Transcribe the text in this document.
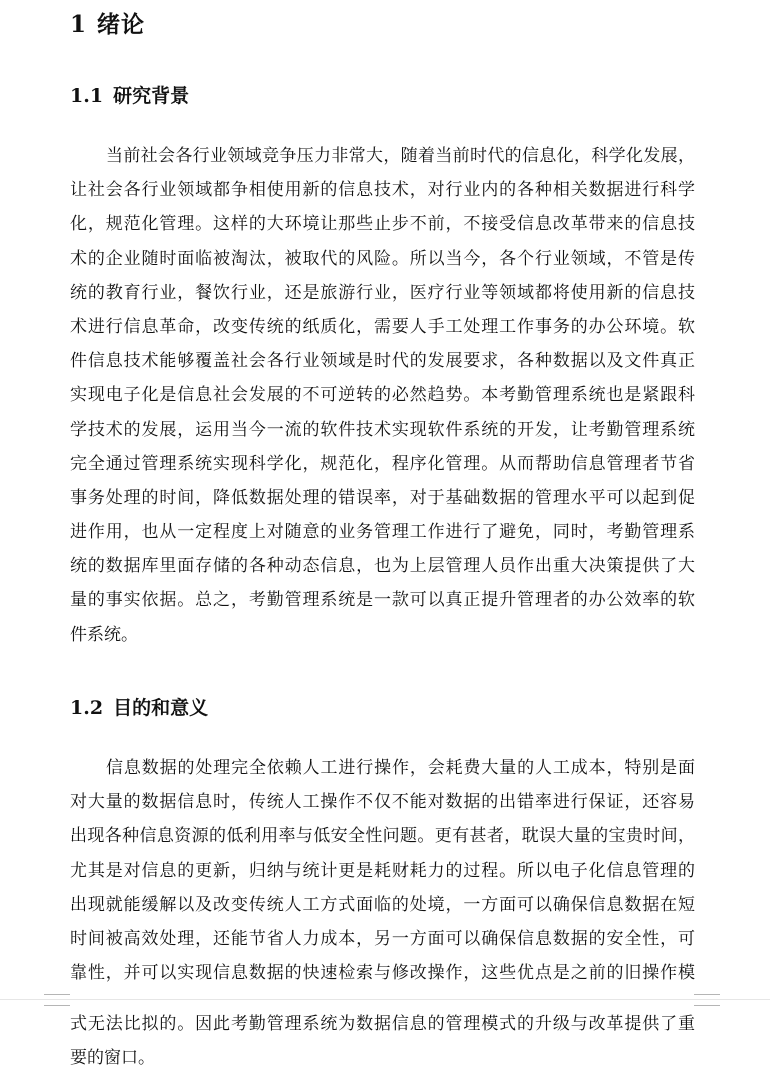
1 绪论
1.1 研究背景
当前社会各行业领域竞争压力非常大，随着当前时代的信息化，科学化发展，
让社会各行业领域都争相使用新的信息技术，对行业内的各种相关数据进行科学
化，规范化管理。这样的大环境让那些止步不前，不接受信息改革带来的信息技
术的企业随时面临被淘汰，被取代的风险。所以当今，各个行业领域，不管是传
统的教育行业，餐饮行业，还是旅游行业，医疗行业等领域都将使用新的信息技
术进行信息革命，改变传统的纸质化，需要人手工处理工作事务的办公环境。软
件信息技术能够覆盖社会各行业领域是时代的发展要求，各种数据以及文件真正
实现电子化是信息社会发展的不可逆转的必然趋势。本考勤管理系统也是紧跟科
学技术的发展，运用当今一流的软件技术实现软件系统的开发，让考勤管理系统
完全通过管理系统实现科学化，规范化，程序化管理。从而帮助信息管理者节省
事务处理的时间，降低数据处理的错误率，对于基础数据的管理水平可以起到促
进作用，也从一定程度上对随意的业务管理工作进行了避免，同时，考勤管理系
统的数据库里面存储的各种动态信息，也为上层管理人员作出重大决策提供了大
量的事实依据。总之，考勤管理系统是一款可以真正提升管理者的办公效率的软
件系统。
1.2 目的和意义
信息数据的处理完全依赖人工进行操作，会耗费大量的人工成本，特别是面
对大量的数据信息时，传统人工操作不仅不能对数据的出错率进行保证，还容易
出现各种信息资源的低利用率与低安全性问题。更有甚者，耽误大量的宝贵时间，
尤其是对信息的更新，归纳与统计更是耗财耗力的过程。所以电子化信息管理的
出现就能缓解以及改变传统人工方式面临的处境，一方面可以确保信息数据在短
时间被高效处理，还能节省人力成本，另一方面可以确保信息数据的安全性，可
靠性，并可以实现信息数据的快速检索与修改操作，这些优点是之前的旧操作模
式无法比拟的。因此考勤管理系统为数据信息的管理模式的升级与改革提供了重
要的窗口。
